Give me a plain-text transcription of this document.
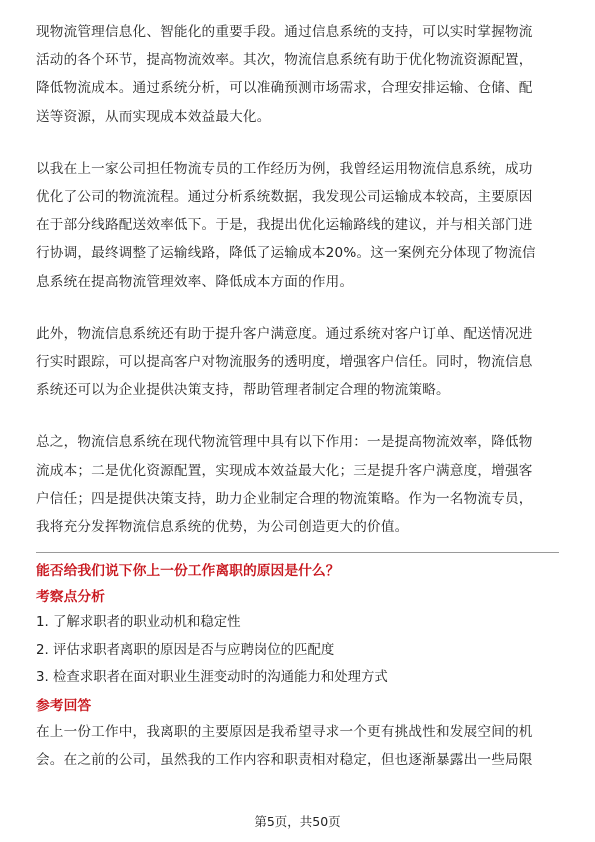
现物流管理信息化、智能化的重要手段。通过信息系统的支持，可以实时掌握物流
活动的各个环节，提高物流效率。其次，物流信息系统有助于优化物流资源配置，
降低物流成本。通过系统分析，可以准确预测市场需求，合理安排运输、仓储、配
送等资源，从而实现成本效益最大化。

以我在上一家公司担任物流专员的工作经历为例，我曾经运用物流信息系统，成功
优化了公司的物流流程。通过分析系统数据，我发现公司运输成本较高，主要原因
在于部分线路配送效率低下。于是，我提出优化运输路线的建议，并与相关部门进
行协调，最终调整了运输线路，降低了运输成本20%。这一案例充分体现了物流信
息系统在提高物流管理效率、降低成本方面的作用。

此外，物流信息系统还有助于提升客户满意度。通过系统对客户订单、配送情况进
行实时跟踪，可以提高客户对物流服务的透明度，增强客户信任。同时，物流信息
系统还可以为企业提供决策支持，帮助管理者制定合理的物流策略。

总之，物流信息系统在现代物流管理中具有以下作用：一是提高物流效率，降低物
流成本；二是优化资源配置，实现成本效益最大化；三是提升客户满意度，增强客
户信任；四是提供决策支持，助力企业制定合理的物流策略。作为一名物流专员，
我将充分发挥物流信息系统的优势，为公司创造更大的价值。

能否给我们说下你上一份工作离职的原因是什么？

考察点分析

1. 了解求职者的职业动机和稳定性
2. 评估求职者离职的原因是否与应聘岗位的匹配度
3. 检查求职者在面对职业生涯变动时的沟通能力和处理方式

参考回答

在上一份工作中，我离职的主要原因是我希望寻求一个更有挑战性和发展空间的机
会。在之前的公司，虽然我的工作内容和职责相对稳定，但也逐渐暴露出一些局限

第5页，共50页
